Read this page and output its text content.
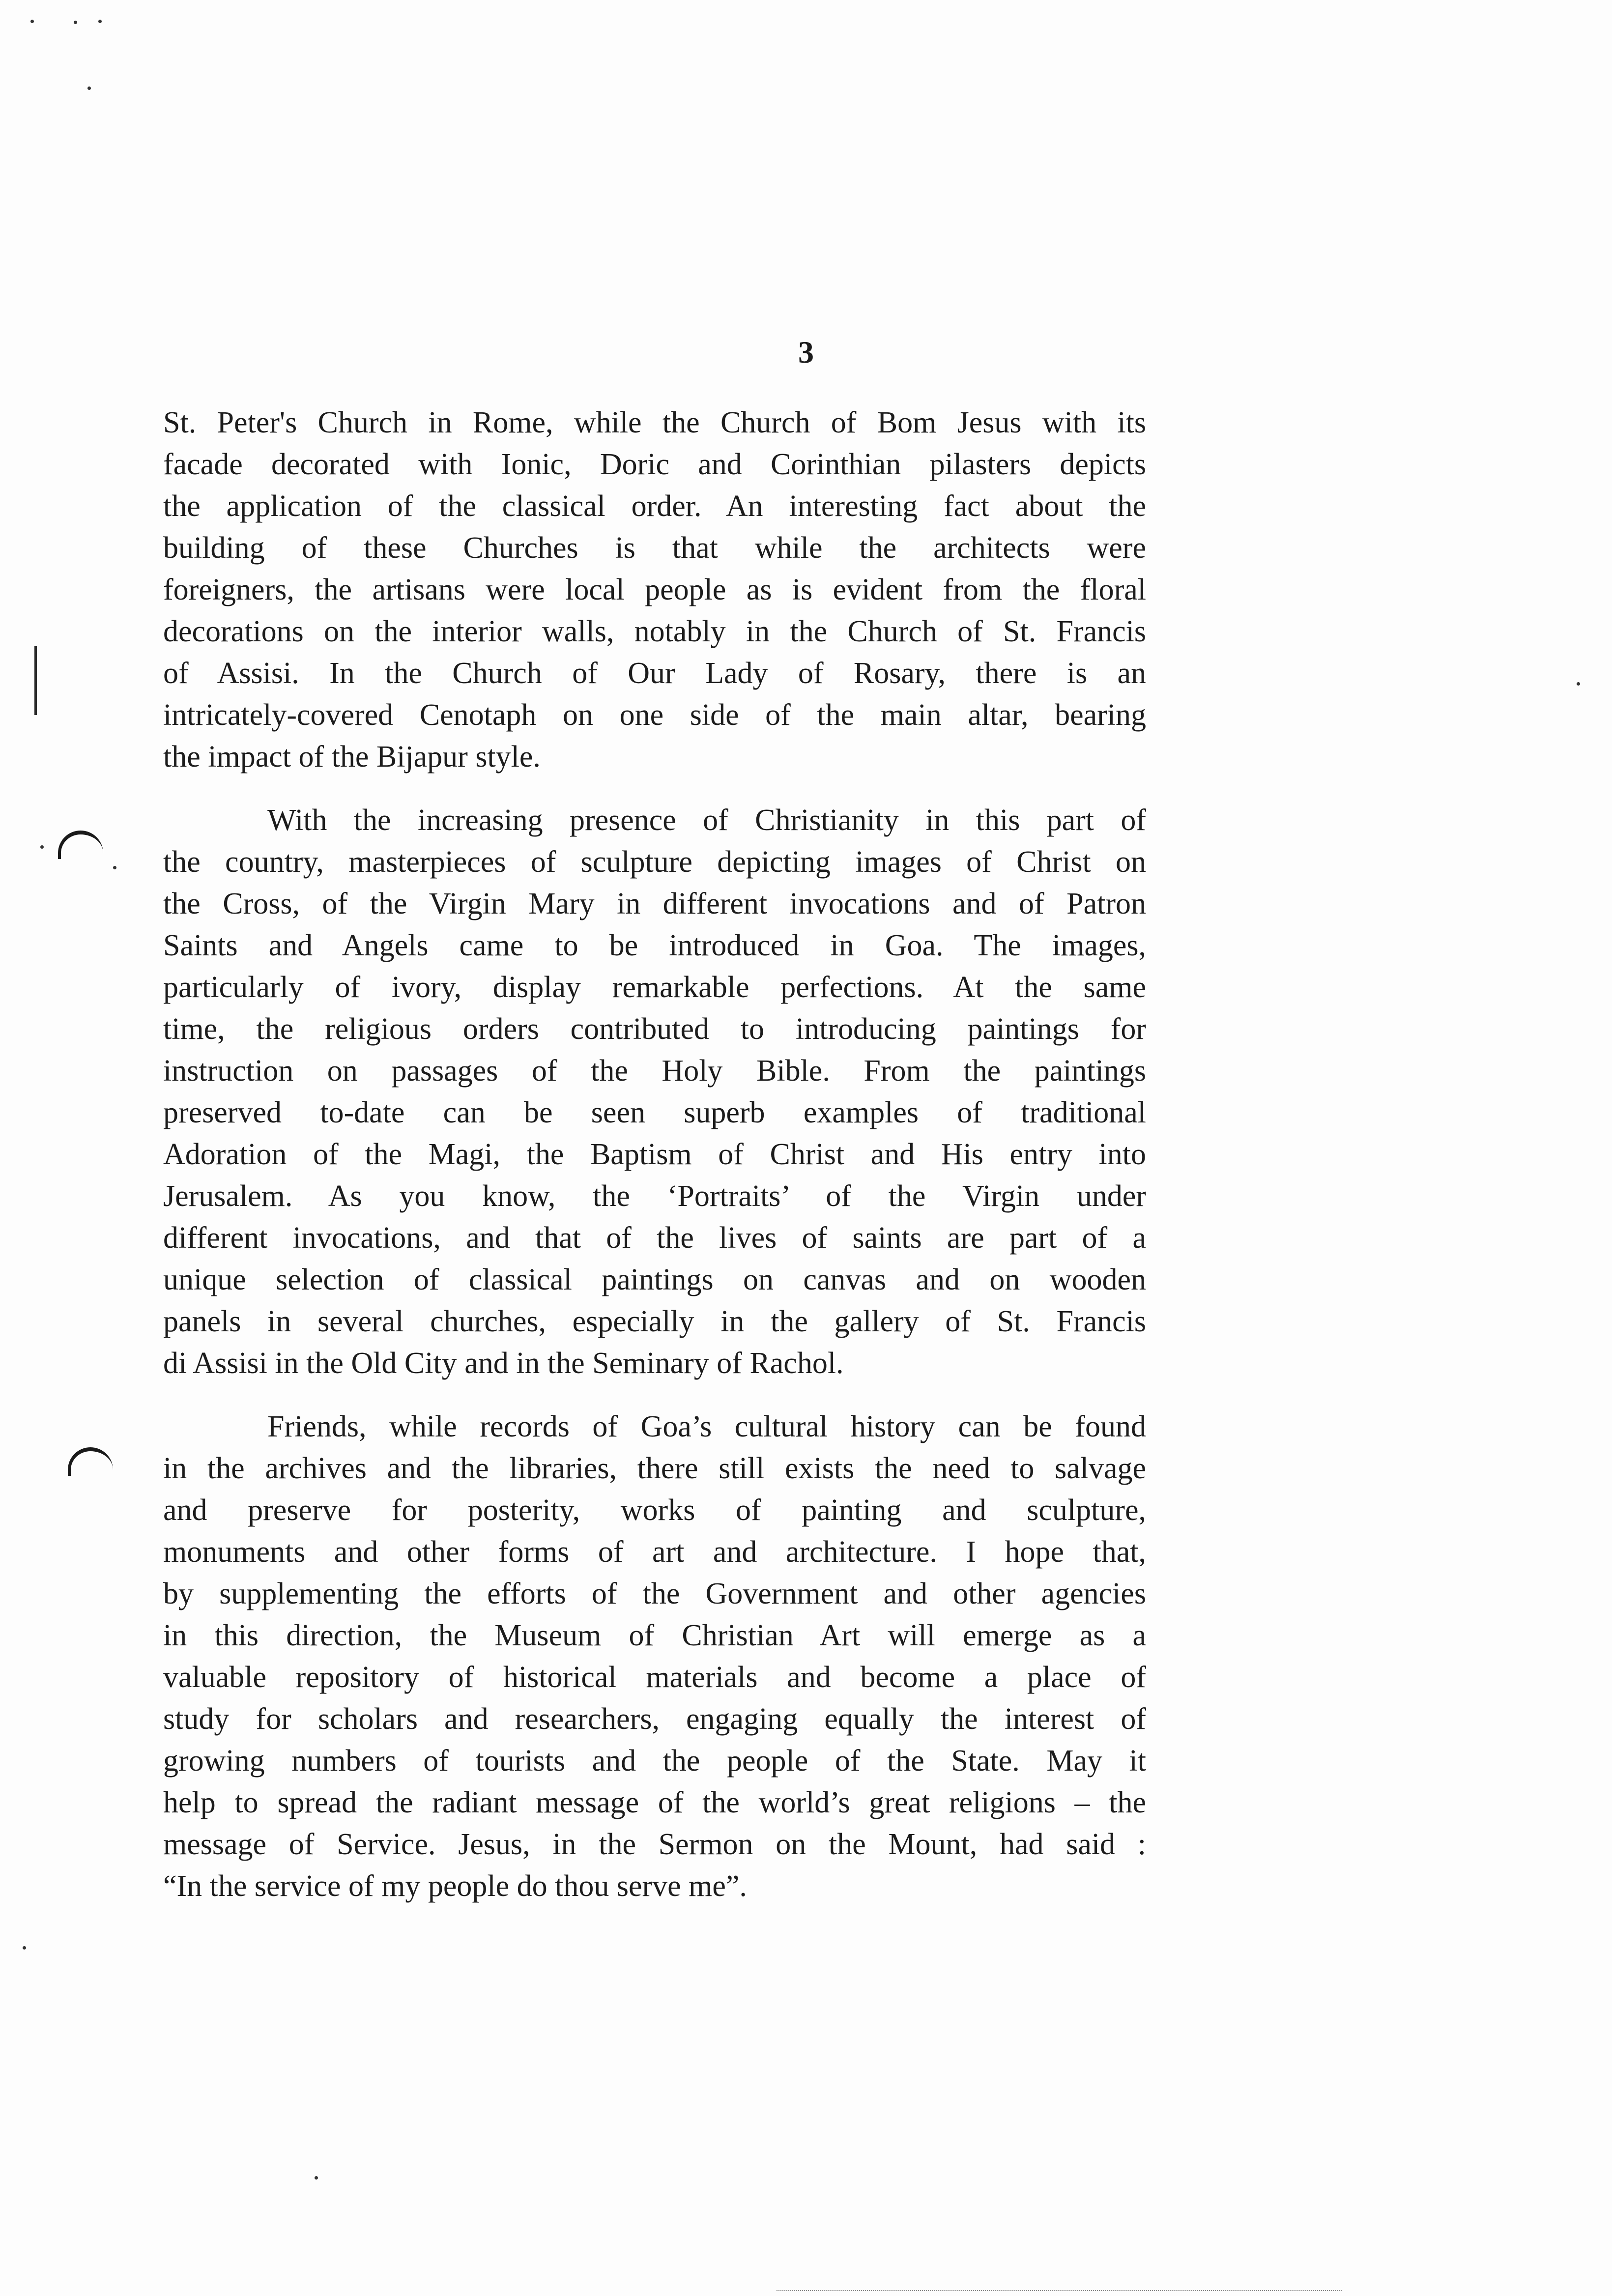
3
St. Peter's Church in Rome, while the Church of Bom Jesus with its
facade decorated with Ionic, Doric and Corinthian pilasters depicts
the application of the classical order. An interesting fact about the
building of these Churches is that while the architects were
foreigners, the artisans were local people as is evident from the floral
decorations on the interior walls, notably in the Church of St. Francis
of Assisi. In the Church of Our Lady of Rosary, there is an
intricately-covered Cenotaph on one side of the main altar, bearing
the impact of the Bijapur style.
With the increasing presence of Christianity in this part of
the country, masterpieces of sculpture depicting images of Christ on
the Cross, of the Virgin Mary in different invocations and of Patron
Saints and Angels came to be introduced in Goa. The images,
particularly of ivory, display remarkable perfections. At the same
time, the religious orders contributed to introducing paintings for
instruction on passages of the Holy Bible. From the paintings
preserved to-date can be seen superb examples of traditional
Adoration of the Magi, the Baptism of Christ and His entry into
Jerusalem. As you know, the ‘Portraits’ of the Virgin under
different invocations, and that of the lives of saints are part of a
unique selection of classical paintings on canvas and on wooden
panels in several churches, especially in the gallery of St. Francis
di Assisi in the Old City and in the Seminary of Rachol.
Friends, while records of Goa’s cultural history can be found
in the archives and the libraries, there still exists the need to salvage
and preserve for posterity, works of painting and sculpture,
monuments and other forms of art and architecture. I hope that,
by supplementing the efforts of the Government and other agencies
in this direction, the Museum of Christian Art will emerge as a
valuable repository of historical materials and become a place of
study for scholars and researchers, engaging equally the interest of
growing numbers of tourists and the people of the State. May it
help to spread the radiant message of the world’s great religions – the
message of Service. Jesus, in the Sermon on the Mount, had said :
“In the service of my people do thou serve me”.
